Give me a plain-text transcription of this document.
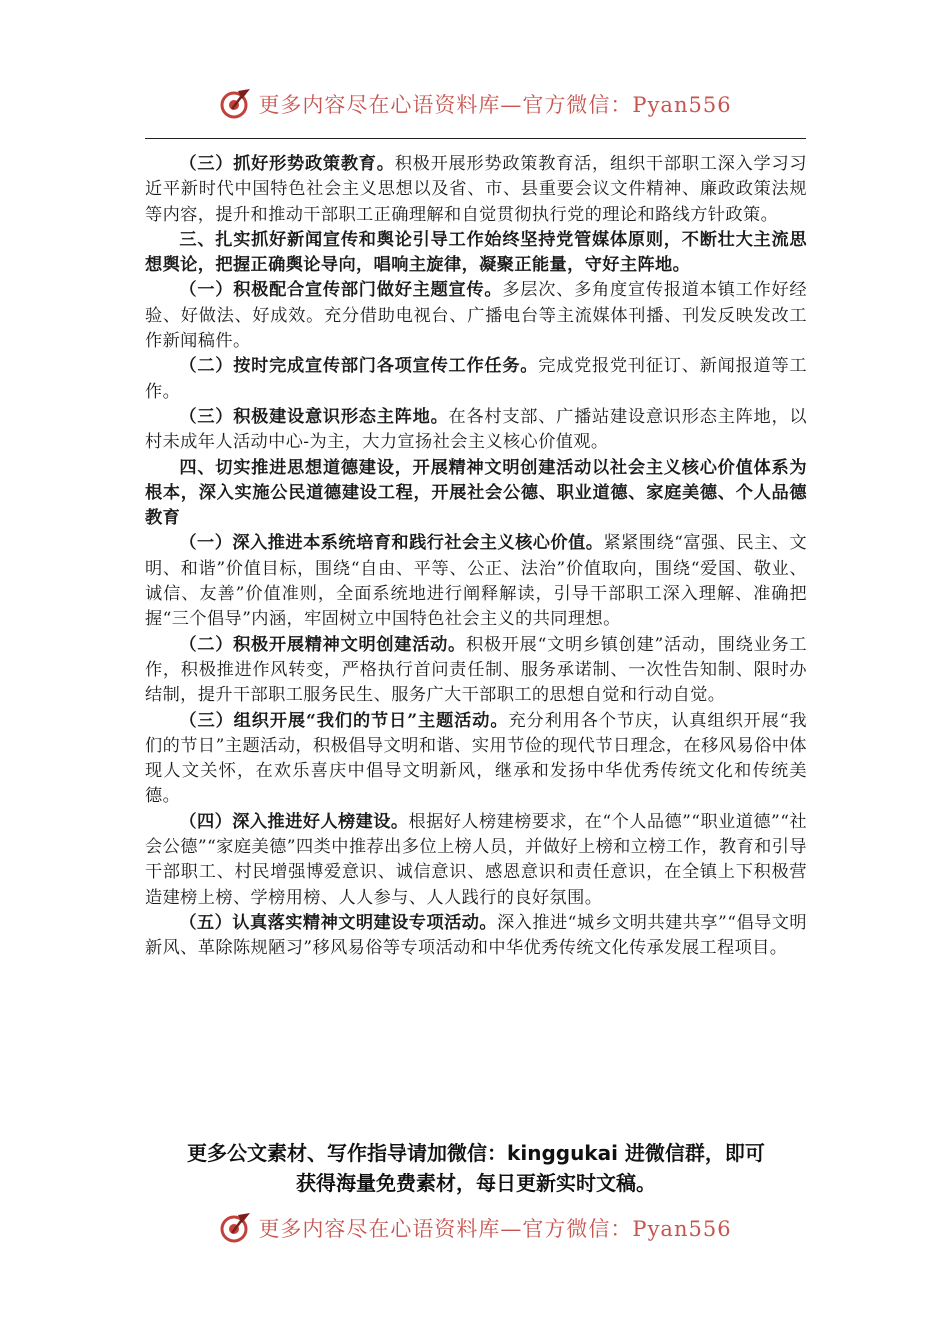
更多内容尽在心语资料库—官方微信：Pyan556

（三）抓好形势政策教育。积极开展形势政策教育活，组织干部职工深入学习习近平新时代中国特色社会主义思想以及省、市、县重要会议文件精神、廉政政策法规等内容，提升和推动干部职工正确理解和自觉贯彻执行党的理论和路线方针政策。

三、扎实抓好新闻宣传和舆论引导工作始终坚持党管媒体原则，不断壮大主流思想舆论，把握正确舆论导向，唱响主旋律，凝聚正能量，守好主阵地。

（一）积极配合宣传部门做好主题宣传。多层次、多角度宣传报道本镇工作好经验、好做法、好成效。充分借助电视台、广播电台等主流媒体刊播、刊发反映发改工作新闻稿件。

（二）按时完成宣传部门各项宣传工作任务。完成党报党刊征订、新闻报道等工作。

（三）积极建设意识形态主阵地。在各村支部、广播站建设意识形态主阵地，以村未成年人活动中心-为主，大力宣扬社会主义核心价值观。

四、切实推进思想道德建设，开展精神文明创建活动以社会主义核心价值体系为根本，深入实施公民道德建设工程，开展社会公德、职业道德、家庭美德、个人品德教育

（一）深入推进本系统培育和践行社会主义核心价值。紧紧围绕“富强、民主、文明、和谐”价值目标，围绕“自由、平等、公正、法治”价值取向，围绕“爱国、敬业、诚信、友善”价值准则，全面系统地进行阐释解读，引导干部职工深入理解、准确把握“三个倡导”内涵，牢固树立中国特色社会主义的共同理想。

（二）积极开展精神文明创建活动。积极开展“文明乡镇创建”活动，围绕业务工作，积极推进作风转变，严格执行首问责任制、服务承诺制、一次性告知制、限时办结制，提升干部职工服务民生、服务广大干部职工的思想自觉和行动自觉。

（三）组织开展“我们的节日”主题活动。充分利用各个节庆，认真组织开展“我们的节日”主题活动，积极倡导文明和谐、实用节俭的现代节日理念，在移风易俗中体现人文关怀，在欢乐喜庆中倡导文明新风，继承和发扬中华优秀传统文化和传统美德。

（四）深入推进好人榜建设。根据好人榜建榜要求，在“个人品德”“职业道德”“社会公德”“家庭美德”四类中推荐出多位上榜人员，并做好上榜和立榜工作，教育和引导干部职工、村民增强博爱意识、诚信意识、感恩意识和责任意识，在全镇上下积极营造建榜上榜、学榜用榜、人人参与、人人践行的良好氛围。

（五）认真落实精神文明建设专项活动。深入推进“城乡文明共建共享”“倡导文明新风、革除陈规陋习”移风易俗等专项活动和中华优秀传统文化传承发展工程项目。

更多公文素材、写作指导请加微信：kinggukai 进微信群，即可
获得海量免费素材，每日更新实时文稿。
更多内容尽在心语资料库—官方微信：Pyan556
